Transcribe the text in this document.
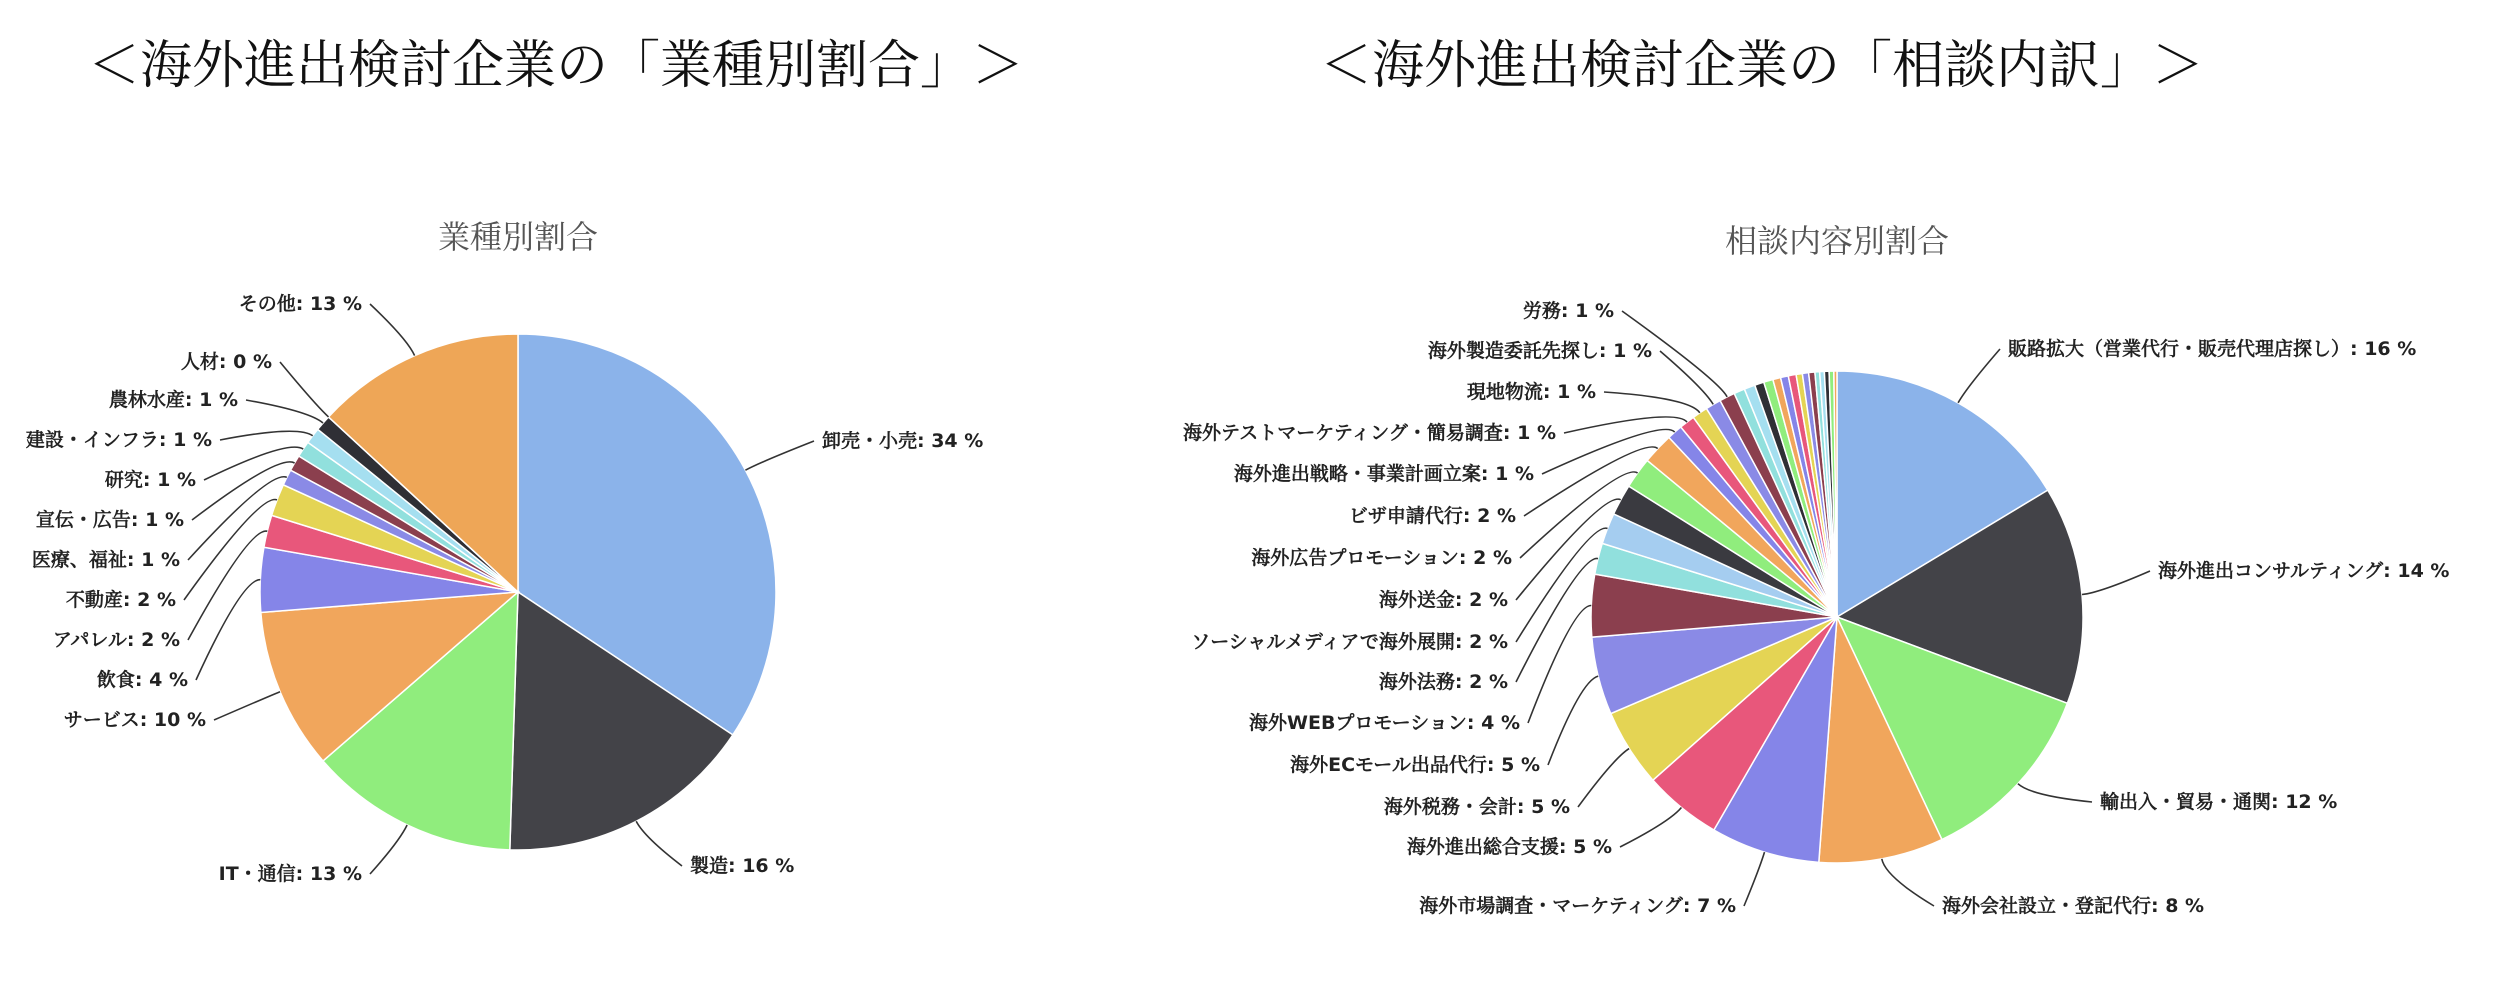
＜海外進出検討企業の「業種別割合」＞	＜海外進出検討企業の「相談内訳」＞
業種別割合
卸売・小売: 34 %
製造: 16 %
IT・通信: 13 %
サービス: 10 %
飲食: 4 %
アパレル: 2 %
不動産: 2 %
医療、福祉: 1 %
宣伝・広告: 1 %
研究: 1 %
建設・インフラ: 1 %
農林水産: 1 %
人材: 0 %
その他: 13 %
相談内容別割合
販路拡大（営業代行・販売代理店探し）: 16 %
海外進出コンサルティング: 14 %
輸出入・貿易・通関: 12 %
海外会社設立・登記代行: 8 %
海外市場調査・マーケティング: 7 %
海外進出総合支援: 5 %
海外税務・会計: 5 %
海外ECモール出品代行: 5 %
海外WEBプロモーション: 4 %
海外法務: 2 %
ソーシャルメディアで海外展開: 2 %
海外送金: 2 %
海外広告プロモーション: 2 %
ビザ申請代行: 2 %
海外進出戦略・事業計画立案: 1 %
海外テストマーケティング・簡易調査: 1 %
現地物流: 1 %
海外製造委託先探し: 1 %
労務: 1 %
